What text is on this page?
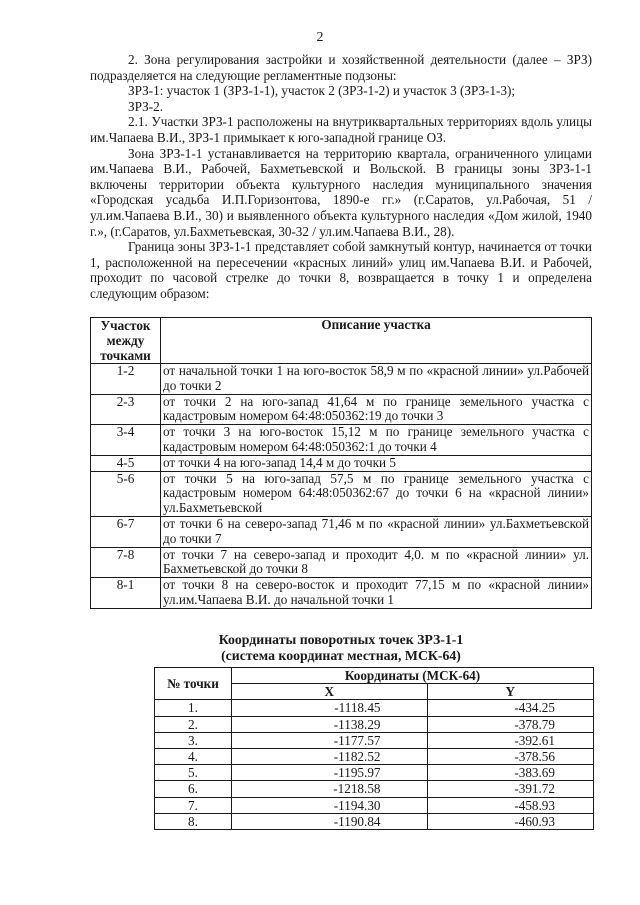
2

2. Зона регулирования застройки и хозяйственной деятельности (далее – ЗРЗ) подразделяется на следующие регламентные подзоны:

ЗРЗ-1: участок 1 (ЗРЗ-1-1), участок 2 (ЗРЗ-1-2) и участок 3 (ЗРЗ-1-3);

ЗРЗ-2.

2.1. Участки ЗРЗ-1 расположены на внутриквартальных территориях вдоль улицы им.Чапаева В.И., ЗРЗ-1 примыкает к юго-западной границе ОЗ.

Зона ЗРЗ-1-1 устанавливается на территорию квартала, ограниченного улицами им.Чапаева В.И., Рабочей, Бахметьевской и Вольской. В границы зоны ЗРЗ-1-1 включены территории объекта культурного наследия муниципального значения «Городская усадьба И.П.Горизонтова, 1890-е гг.» (г.Саратов, ул.Рабочая, 51 / ул.им.Чапаева В.И., 30) и выявленного объекта культурного наследия «Дом жилой, 1940 г.», (г.Саратов, ул.Бахметьевская, 30-32 / ул.им.Чапаева В.И., 28).

Граница зоны ЗРЗ-1-1 представляет собой замкнутый контур, начинается от точки 1, расположенной на пересечении «красных линий» улиц им.Чапаева В.И. и Рабочей, проходит по часовой стрелке до точки 8, возвращается в точку 1 и определена следующим образом:

Участок между точками	Описание участка
1-2	от начальной точки 1 на юго-восток 58,9 м по «красной линии» ул.Рабочей до точки 2
2-3	от точки 2 на юго-запад 41,64 м по границе земельного участка с кадастровым номером 64:48:050362:19 до точки 3
3-4	от точки 3 на юго-восток 15,12 м по границе земельного участка с кадастровым номером 64:48:050362:1 до точки 4
4-5	от точки 4 на юго-запад 14,4 м до точки 5
5-6	от точки 5 на юго-запад 57,5 м по границе земельного участка с кадастровым номером 64:48:050362:67 до точки 6 на «красной линии» ул.Бахметьевской
6-7	от точки 6 на северо-запад 71,46 м по «красной линии» ул.Бахметьевской до точки 7
7-8	от точки 7 на северо-запад и проходит 4,0. м по «красной линии» ул. Бахметьевской до точки 8
8-1	от точки 8 на северо-восток и проходит 77,15 м по «красной линии» ул.им.Чапаева В.И. до начальной точки 1
Координаты поворотных точек ЗРЗ-1-1
(система координат местная, МСК-64)
№ точки	Координаты (МСК-64)	
	X	Y
1.	-1118.45	-434.25
2.	-1138.29	-378.79
3.	-1177.57	-392.61
4.	-1182.52	-378.56
5.	-1195.97	-383.69
6.	-1218.58	-391.72
7.	-1194.30	-458.93
8.	-1190.84	-460.93
